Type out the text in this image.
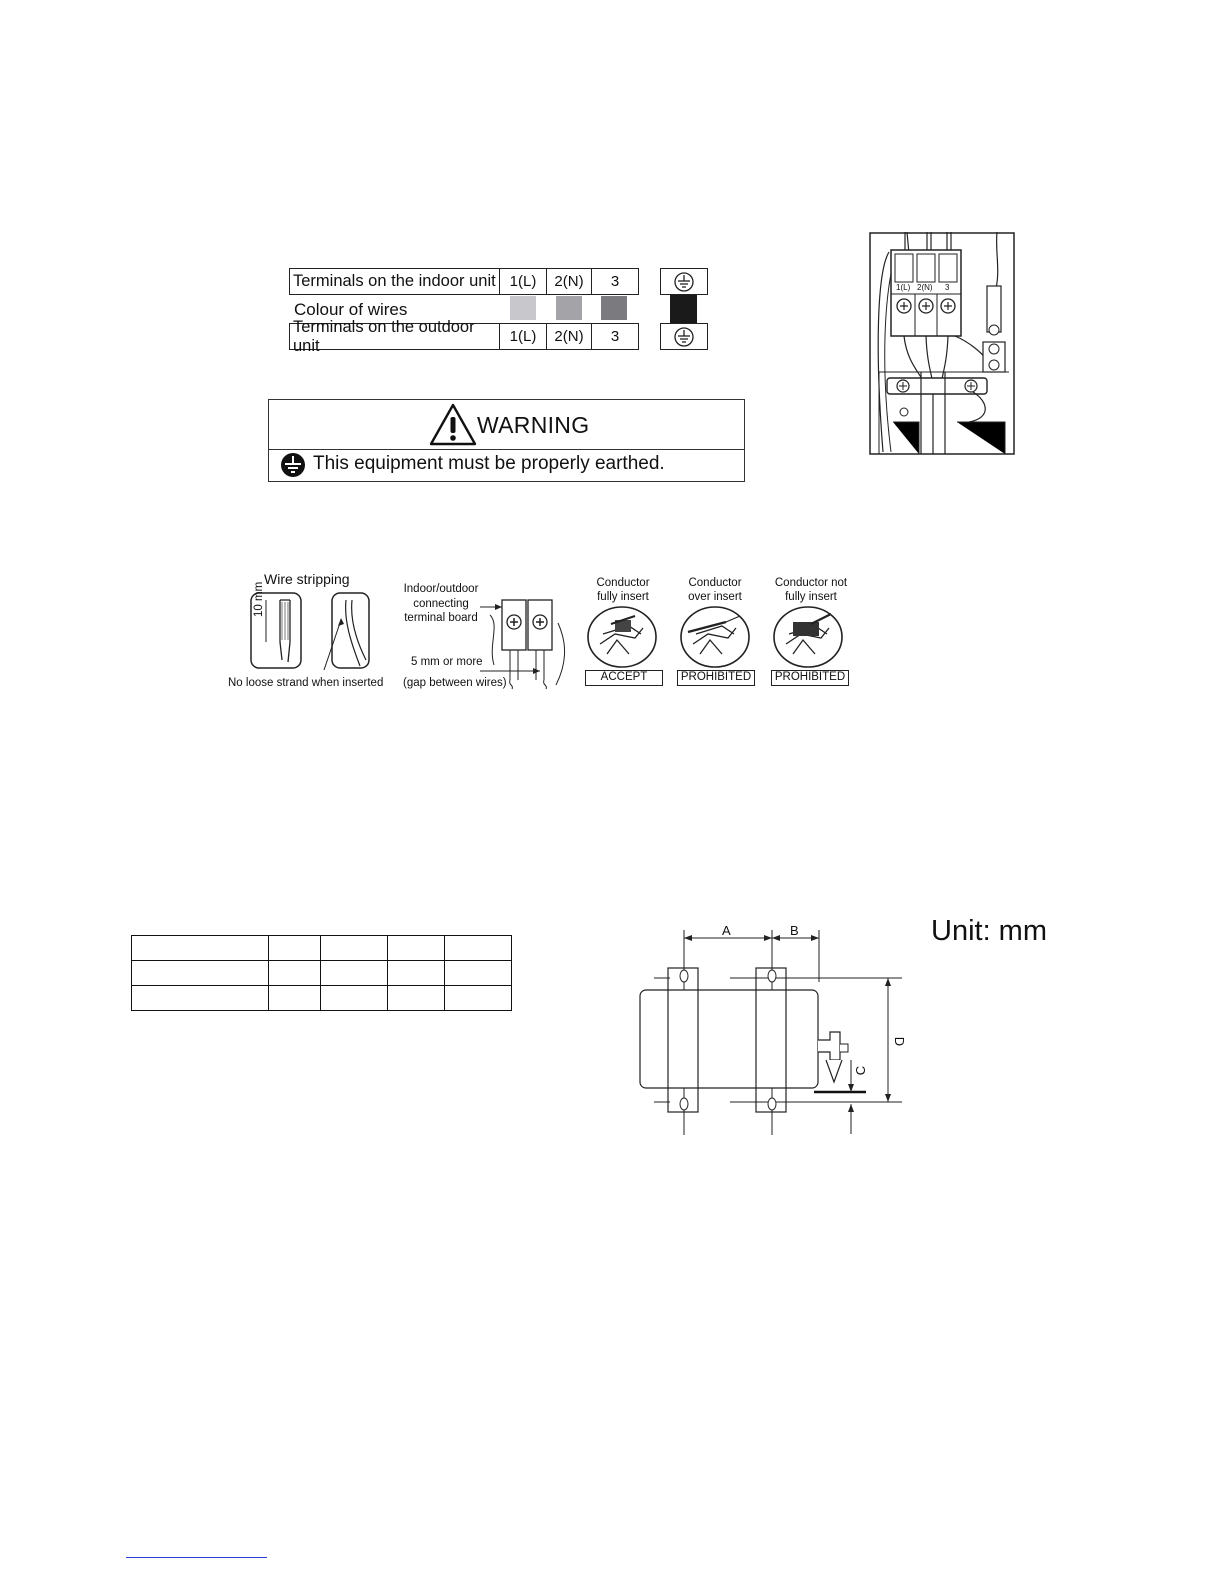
Terminals on the indoor unit 1(L)	2(N)	3
Colour of wires
Terminals on the outdoor unit	1(L)	2(N)	3
WARNING
This equipment must be properly earthed.
1(L) 2(N) 3
Wire stripping
10 mm
No loose strand when inserted
Indoor/outdoor
connecting
terminal board
5 mm or more
(gap between wires)
Conductor
fully insert
Conductor
over insert
Conductor not
fully insert
ACCEPT	PROHIBITED	PROHIBITED

A	B
C
D
Unit: mm
